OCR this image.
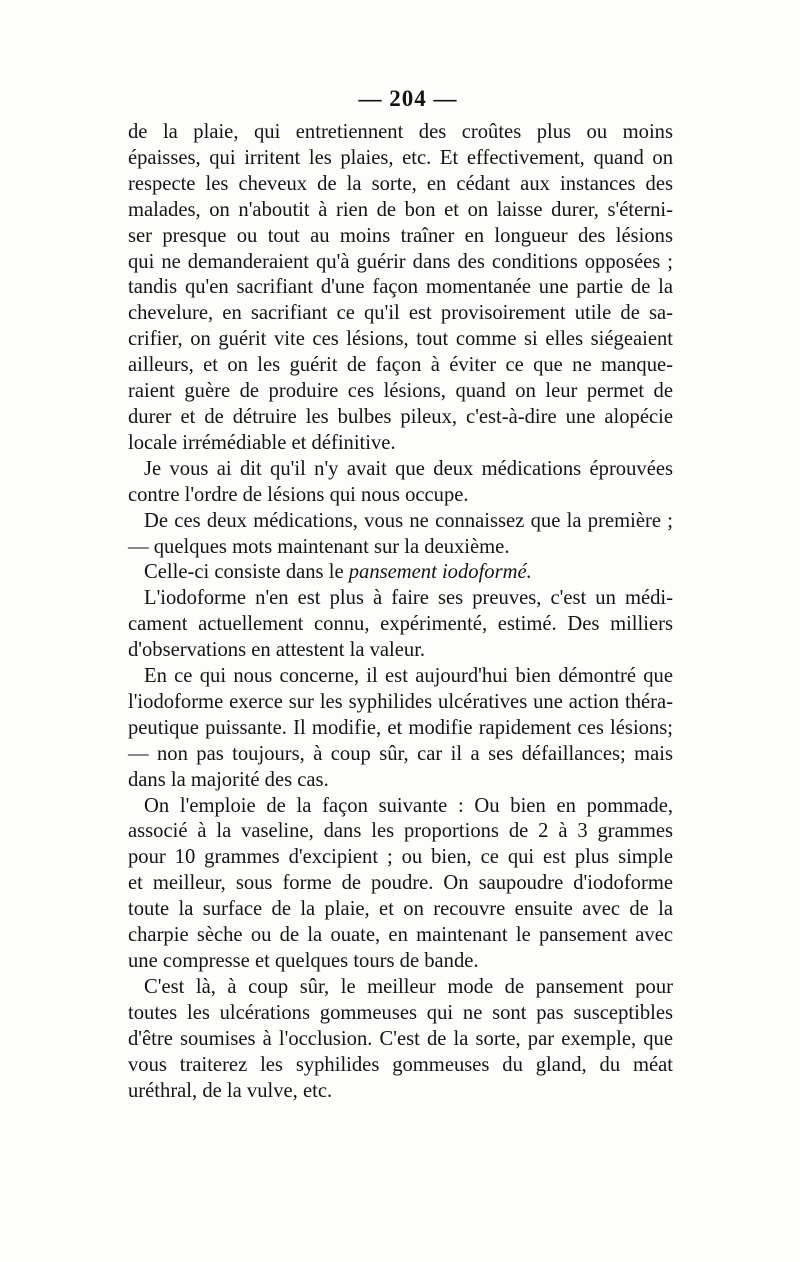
— 204 —

de la plaie, qui entretiennent des croûtes plus ou moins
épaisses, qui irritent les plaies, etc. Et effectivement, quand on
respecte les cheveux de la sorte, en cédant aux instances des
malades, on n'aboutit à rien de bon et on laisse durer, s'éterni-
ser presque ou tout au moins traîner en longueur des lésions
qui ne demanderaient qu'à guérir dans des conditions opposées ;
tandis qu'en sacrifiant d'une façon momentanée une partie de la
chevelure, en sacrifiant ce qu'il est provisoirement utile de sa-
crifier, on guérit vite ces lésions, tout comme si elles siégeaient
ailleurs, et on les guérit de façon à éviter ce que ne manque-
raient guère de produire ces lésions, quand on leur permet de
durer et de détruire les bulbes pileux, c'est-à-dire une alopécie
locale irrémédiable et définitive.

Je vous ai dit qu'il n'y avait que deux médications éprouvées
contre l'ordre de lésions qui nous occupe.

De ces deux médications, vous ne connaissez que la première ;
— quelques mots maintenant sur la deuxième.

Celle-ci consiste dans le pansement iodoformé.

L'iodoforme n'en est plus à faire ses preuves, c'est un médi-
cament actuellement connu, expérimenté, estimé. Des milliers
d'observations en attestent la valeur.

En ce qui nous concerne, il est aujourd'hui bien démontré que
l'iodoforme exerce sur les syphilides ulcératives une action théra-
peutique puissante. Il modifie, et modifie rapidement ces lésions;
— non pas toujours, à coup sûr, car il a ses défaillances; mais
dans la majorité des cas.

On l'emploie de la façon suivante : Ou bien en pommade,
associé à la vaseline, dans les proportions de 2 à 3 grammes
pour 10 grammes d'excipient ; ou bien, ce qui est plus simple
et meilleur, sous forme de poudre. On saupoudre d'iodoforme
toute la surface de la plaie, et on recouvre ensuite avec de la
charpie sèche ou de la ouate, en maintenant le pansement avec
une compresse et quelques tours de bande.

C'est là, à coup sûr, le meilleur mode de pansement pour
toutes les ulcérations gommeuses qui ne sont pas susceptibles
d'être soumises à l'occlusion. C'est de la sorte, par exemple, que
vous traiterez les syphilides gommeuses du gland, du méat
uréthral, de la vulve, etc.
